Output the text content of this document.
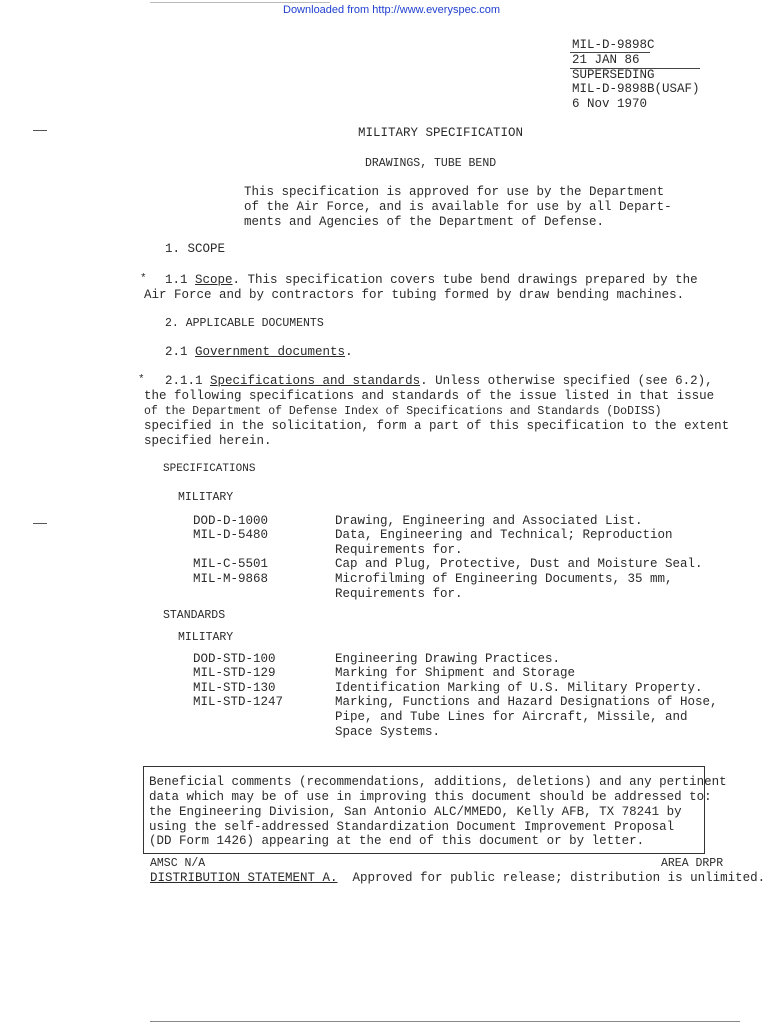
Downloaded from http://www.everyspec.com
MIL-D-9898C
21 JAN 86
SUPERSEDING
MIL-D-9898B(USAF)
6 Nov 1970
MILITARY SPECIFICATION
DRAWINGS, TUBE BEND
This specification is approved for use by the Department
of the Air Force, and is available for use by all Depart-
ments and Agencies of the Department of Defense.
1. SCOPE
* 1.1 Scope. This specification covers tube bend drawings prepared by the
Air Force and by contractors for tubing formed by draw bending machines.
2. APPLICABLE DOCUMENTS
2.1 Government documents.
* 2.1.1 Specifications and standards. Unless otherwise specified (see 6.2),
the following specifications and standards of the issue listed in that issue
of the Department of Defense Index of Specifications and Standards (DoDISS)
specified in the solicitation, form a part of this specification to the extent
specified herein.
SPECIFICATIONS
MILITARY
DOD-D-1000	Drawing, Engineering and Associated List.
MIL-D-5480	Data, Engineering and Technical; Reproduction
Requirements for.
MIL-C-5501	Cap and Plug, Protective, Dust and Moisture Seal.
MIL-M-9868	Microfilming of Engineering Documents, 35 mm,
Requirements for.
STANDARDS
MILITARY
DOD-STD-100	Engineering Drawing Practices.
MIL-STD-129	Marking for Shipment and Storage
MIL-STD-130	Identification Marking of U.S. Military Property.
MIL-STD-1247	Marking, Functions and Hazard Designations of Hose,
Pipe, and Tube Lines for Aircraft, Missile, and
Space Systems.
Beneficial comments (recommendations, additions, deletions) and any pertinent
data which may be of use in improving this document should be addressed to:
the Engineering Division, San Antonio ALC/MMEDO, Kelly AFB, TX 78241 by
using the self-addressed Standardization Document Improvement Proposal
(DD Form 1426) appearing at the end of this document or by letter.
AMSC N/A	AREA DRPR
DISTRIBUTION STATEMENT A. Approved for public release; distribution is unlimited.
